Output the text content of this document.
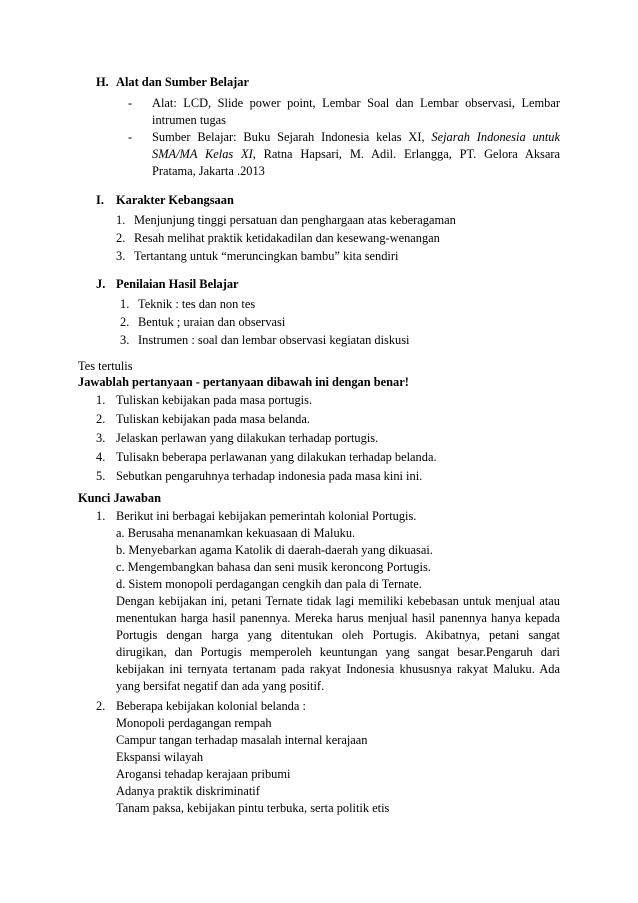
H. Alat dan Sumber Belajar
- Alat: LCD, Slide power point, Lembar Soal dan Lembar observasi, Lembar
intrumen tugas
- Sumber Belajar: Buku Sejarah Indonesia kelas XI, Sejarah Indonesia untuk
SMA/MA Kelas XI, Ratna Hapsari, M. Adil. Erlangga, PT. Gelora Aksara
Pratama, Jakarta .2013
I. Karakter Kebangsaan
1. Menjunjung tinggi persatuan dan penghargaan atas keberagaman
2. Resah melihat praktik ketidakadilan dan kesewang-wenangan
3. Tertantang untuk “meruncingkan bambu” kita sendiri
J. Penilaian Hasil Belajar
1. Teknik : tes dan non tes
2. Bentuk ; uraian dan observasi
3. Instrumen : soal dan lembar observasi kegiatan diskusi
Tes tertulis
Jawablah pertanyaan - pertanyaan dibawah ini dengan benar!
1. Tuliskan kebijakan pada masa portugis.
2. Tuliskan kebijakan pada masa belanda.
3. Jelaskan perlawan yang dilakukan terhadap portugis.
4. Tulisakn beberapa perlawanan yang dilakukan terhadap belanda.
5. Sebutkan pengaruhnya terhadap indonesia pada masa kini ini.
Kunci Jawaban
1. Berikut ini berbagai kebijakan pemerintah kolonial Portugis.
a. Berusaha menanamkan kekuasaan di Maluku.
b. Menyebarkan agama Katolik di daerah-daerah yang dikuasai.
c. Mengembangkan bahasa dan seni musik keroncong Portugis.
d. Sistem monopoli perdagangan cengkih dan pala di Ternate.
Dengan kebijakan ini, petani Ternate tidak lagi memiliki kebebasan untuk menjual atau
menentukan harga hasil panennya. Mereka harus menjual hasil panennya hanya kepada
Portugis dengan harga yang ditentukan oleh Portugis. Akibatnya, petani sangat
dirugikan, dan Portugis memperoleh keuntungan yang sangat besar.Pengaruh dari
kebijakan ini ternyata tertanam pada rakyat Indonesia khususnya rakyat Maluku. Ada
yang bersifat negatif dan ada yang positif.
2. Beberapa kebijakan kolonial belanda :
Monopoli perdagangan rempah
Campur tangan terhadap masalah internal kerajaan
Ekspansi wilayah
Arogansi tehadap kerajaan pribumi
Adanya praktik diskriminatif
Tanam paksa, kebijakan pintu terbuka, serta politik etis
